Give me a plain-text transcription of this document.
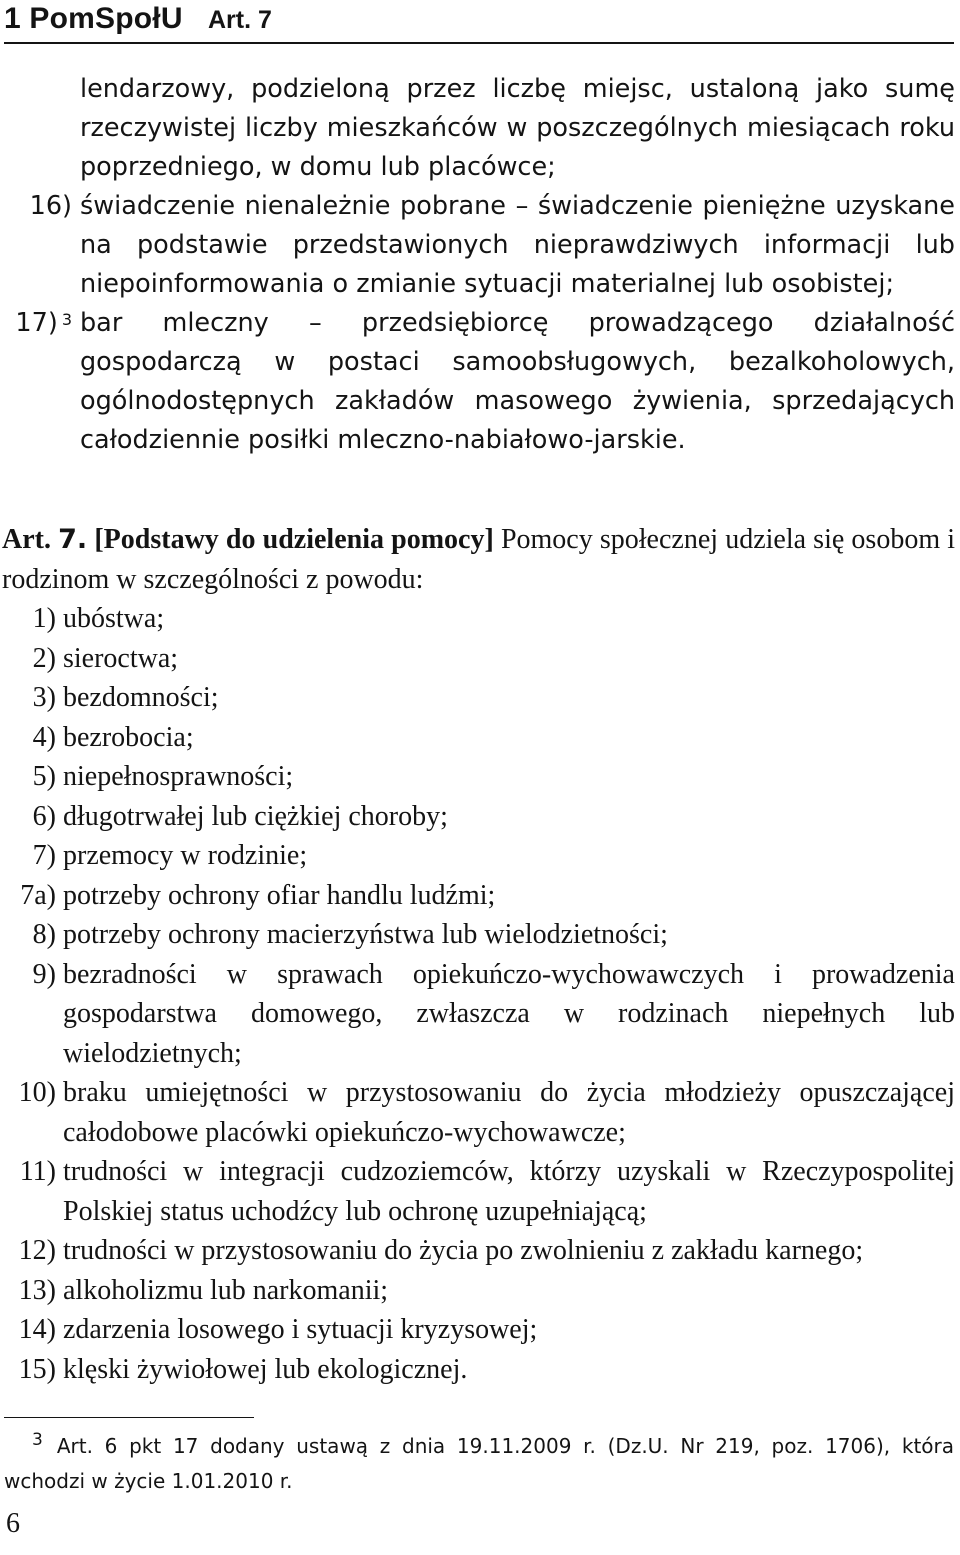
1 PomSpołU Art. 7
lendarzowy, podzieloną przez liczbę miejsc, ustaloną jako sumę rzeczywistej liczby mieszkańców w poszczególnych miesiącach roku poprzedniego, w domu lub placówce;
16) świadczenie nienależnie pobrane – świadczenie pieniężne uzyskane na podstawie przedstawionych nieprawdziwych informacji lub niepoinformowania o zmianie sytuacji materialnej lub osobistej;
17) $^3$ bar mleczny – przedsiębiorcę prowadzącego działalność gospodarczą w postaci samoobsługowych, bezalkoholowych, ogólnodostępnych zakładów masowego żywienia, sprzedających całodziennie posiłki mleczno-nabiałowo-jarskie.
Art. 7. [Podstawy do udzielenia pomocy] Pomocy społecznej udziela się osobom i rodzinom w szczególności z powodu:
1) ubóstwa;
2) sieroctwa;
3) bezdomności;
4) bezrobocia;
5) niepełnosprawności;
6) długotrwałej lub ciężkiej choroby;
7) przemocy w rodzinie;
7a) potrzeby ochrony ofiar handlu ludźmi;
8) potrzeby ochrony macierzyństwa lub wielodzietności;
9) bezradności w sprawach opiekuńczo-wychowawczych i prowadzenia gospodarstwa domowego, zwłaszcza w rodzinach niepełnych lub wielodzietnych;
10) braku umiejętności w przystosowaniu do życia młodzieży opuszczającej całodobowe placówki opiekuńczo-wychowawcze;
11) trudności w integracji cudzoziemców, którzy uzyskali w Rzeczypospolitej Polskiej status uchodźcy lub ochronę uzupełniającą;
12) trudności w przystosowaniu do życia po zwolnieniu z zakładu karnego;
13) alkoholizmu lub narkomanii;
14) zdarzenia losowego i sytuacji kryzysowej;
15) klęski żywiołowej lub ekologicznej.
$^3$ Art. 6 pkt 17 dodany ustawą z dnia 19.11.2009 r. (Dz.U. Nr 219, poz. 1706), która wchodzi w życie 1.01.2010 r.
6
